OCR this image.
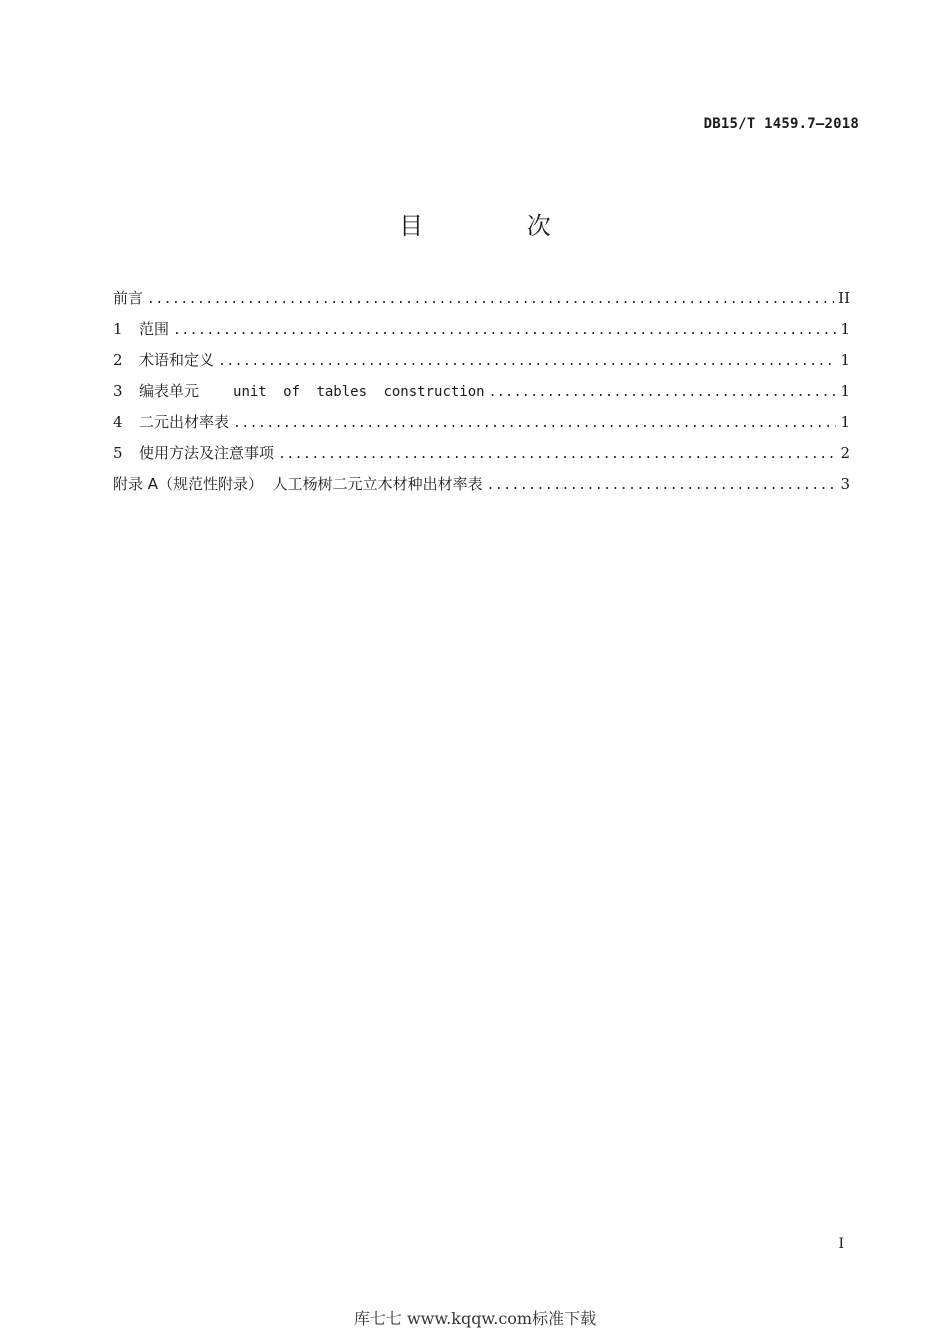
DB15/T 1459.7—2018
目 次
前言 .....	II
1	范围 .....	1
2	术语和定义 .....	1
3	编表单元 unit of tables construction .....	1
4	二元出材率表 .....	1
5	使用方法及注意事项 .....	2
附录 A（规范性附录）  人工杨树二元立木材种出材率表 .....	3
I
库七七 www.kqqw.com标准下载
